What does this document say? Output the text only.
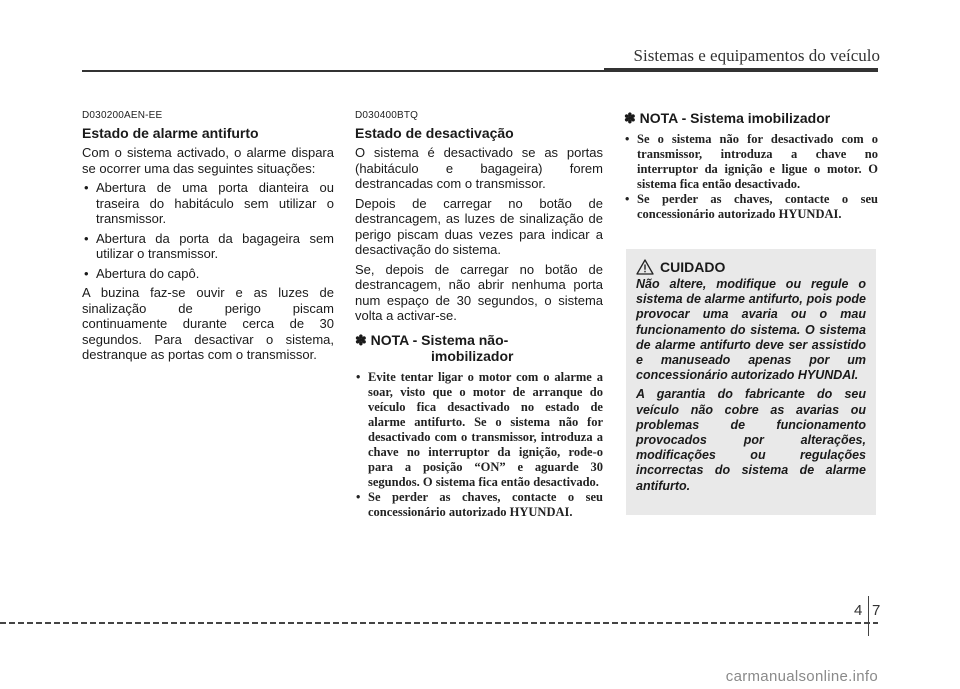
Sistemas e equipamentos do veículo
D030200AEN-EE
Estado de alarme antifurto

Com o sistema activado, o alarme dispara se ocorrer uma das seguintes situações:

• Abertura de uma porta dianteira ou traseira do habitáculo sem utilizar o transmissor.
• Abertura da porta da bagageira sem utilizar o transmissor.
• Abertura do capô.

A buzina faz-se ouvir e as luzes de sinalização de perigo piscam continuamente durante cerca de 30 segundos. Para desactivar o sistema, destranque as portas com o transmissor.

D030400BTQ
Estado de desactivação

O sistema é desactivado se as portas (habitáculo e bagageira) forem destrancadas com o transmissor.

Depois de carregar no botão de destrancagem, as luzes de sinalização de perigo piscam duas vezes para indicar a desactivação do sistema.

Se, depois de carregar no botão de destrancagem, não abrir nenhuma porta num espaço de 30 segundos, o sistema volta a activar-se.

✽ NOTA - Sistema não-
imobilizador
• Evite tentar ligar o motor com o alarme a soar, visto que o motor de arranque do veículo fica desactivado no estado de alarme antifurto. Se o sistema não for desactivado com o transmissor, introduza a chave no interruptor da ignição, rode-o para a posição “ON” e aguarde 30 segundos. O sistema fica então desactivado.
• Se perder as chaves, contacte o seu concessionário autorizado HYUNDAI.
✽ NOTA - Sistema imobilizador
• Se o sistema não for desactivado com o transmissor, introduza a chave no interruptor da ignição e ligue o motor. O sistema fica então desactivado.
• Se perder as chaves, contacte o seu concessionário autorizado HYUNDAI.
CUIDADO

Não altere, modifique ou regule o sistema de alarme antifurto, pois pode provocar uma avaria ou o mau funcionamento do sistema. O sistema de alarme antifurto deve ser assistido e manuseado apenas por um concessionário autorizado HYUNDAI.

A garantia do fabricante do seu veículo não cobre as avarias ou problemas de funcionamento provocados por alterações, modificações ou regulações incorrectas do sistema de alarme antifurto.

4 7
carmanualsonline.info
